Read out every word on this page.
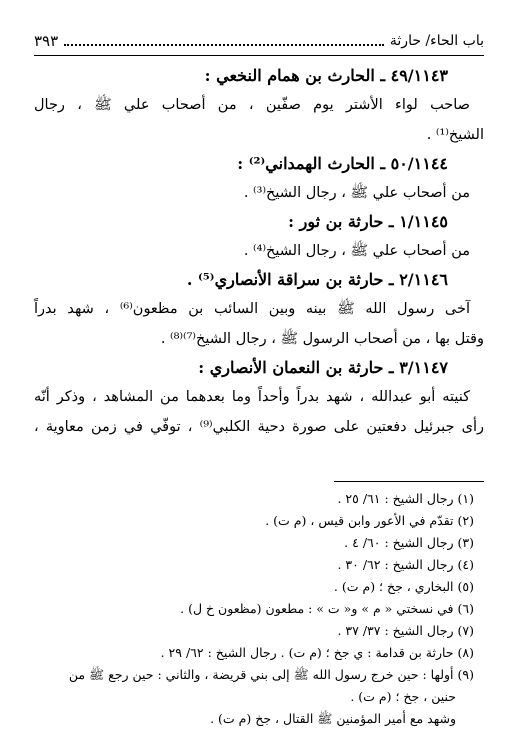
باب الحاء/ حارثة
٣٩٣

٤٩/١١٤٣ ـ الحارث بن همام النخعي :

صاحب لواء الأشتر يوم صفّين ، من أصحاب علي ﷺ ، رجال

الشيخ⁽¹⁾ .

٥٠/١١٤٤ ـ الحارث الهمداني⁽²⁾ :

من أصحاب علي ﷺ ، رجال الشيخ⁽³⁾ .

١/١١٤٥ ـ حارثة بن ثور :

من أصحاب علي ﷺ ، رجال الشيخ⁽⁴⁾ .

٢/١١٤٦ ـ حارثة بن سراقة الأنصاري⁽⁵⁾ .

آخى رسول الله ﷺ بينه وبين السائب بن مظعون⁽⁶⁾ ، شهد بدراً

وقتل بها ، من أصحاب الرسول ﷺ ، رجال الشيخ⁽⁷⁾⁽⁸⁾ .

٣/١١٤٧ ـ حارثة بن النعمان الأنصاري :

كنيته أبو عبدالله ، شهد بدراً وأحداً وما بعدهما من المشاهد ، وذكر أنّه

رأى جبرئيل دفعتين على صورة دحية الكلبي⁽⁹⁾ ، توفّي في زمن معاوية ،

(١) رجال الشيخ : ٦١/ ٢٥ .

(٢) تقدّم في الأعور وابن قيس ، (م ت) .

(٣) رجال الشيخ : ٦٠/ ٤ .

(٤) رجال الشيخ : ٦٢/ ٣٠ .

(٥) البخاري ، جخ ؛ (م ت) .

(٦) في نسختي « م » و« ت » : مطعون (مظعون خ ل) .

(٧) رجال الشيخ : ٣٧/ ٣٧ .

(٨) حارثة بن قدامة : ي جخ ؛ (م ت) . رجال الشيخ : ٦٢/ ٢٩ .

(٩) أولها : حين خرج رسول الله ﷺ إلى بني قريضة ، والثاني : حين رجع ﷺ من

حنين ، جخ ؛ (م ت) .

وشهد مع أمير المؤمنين ﷺ القتال ، جخ (م ت) .
